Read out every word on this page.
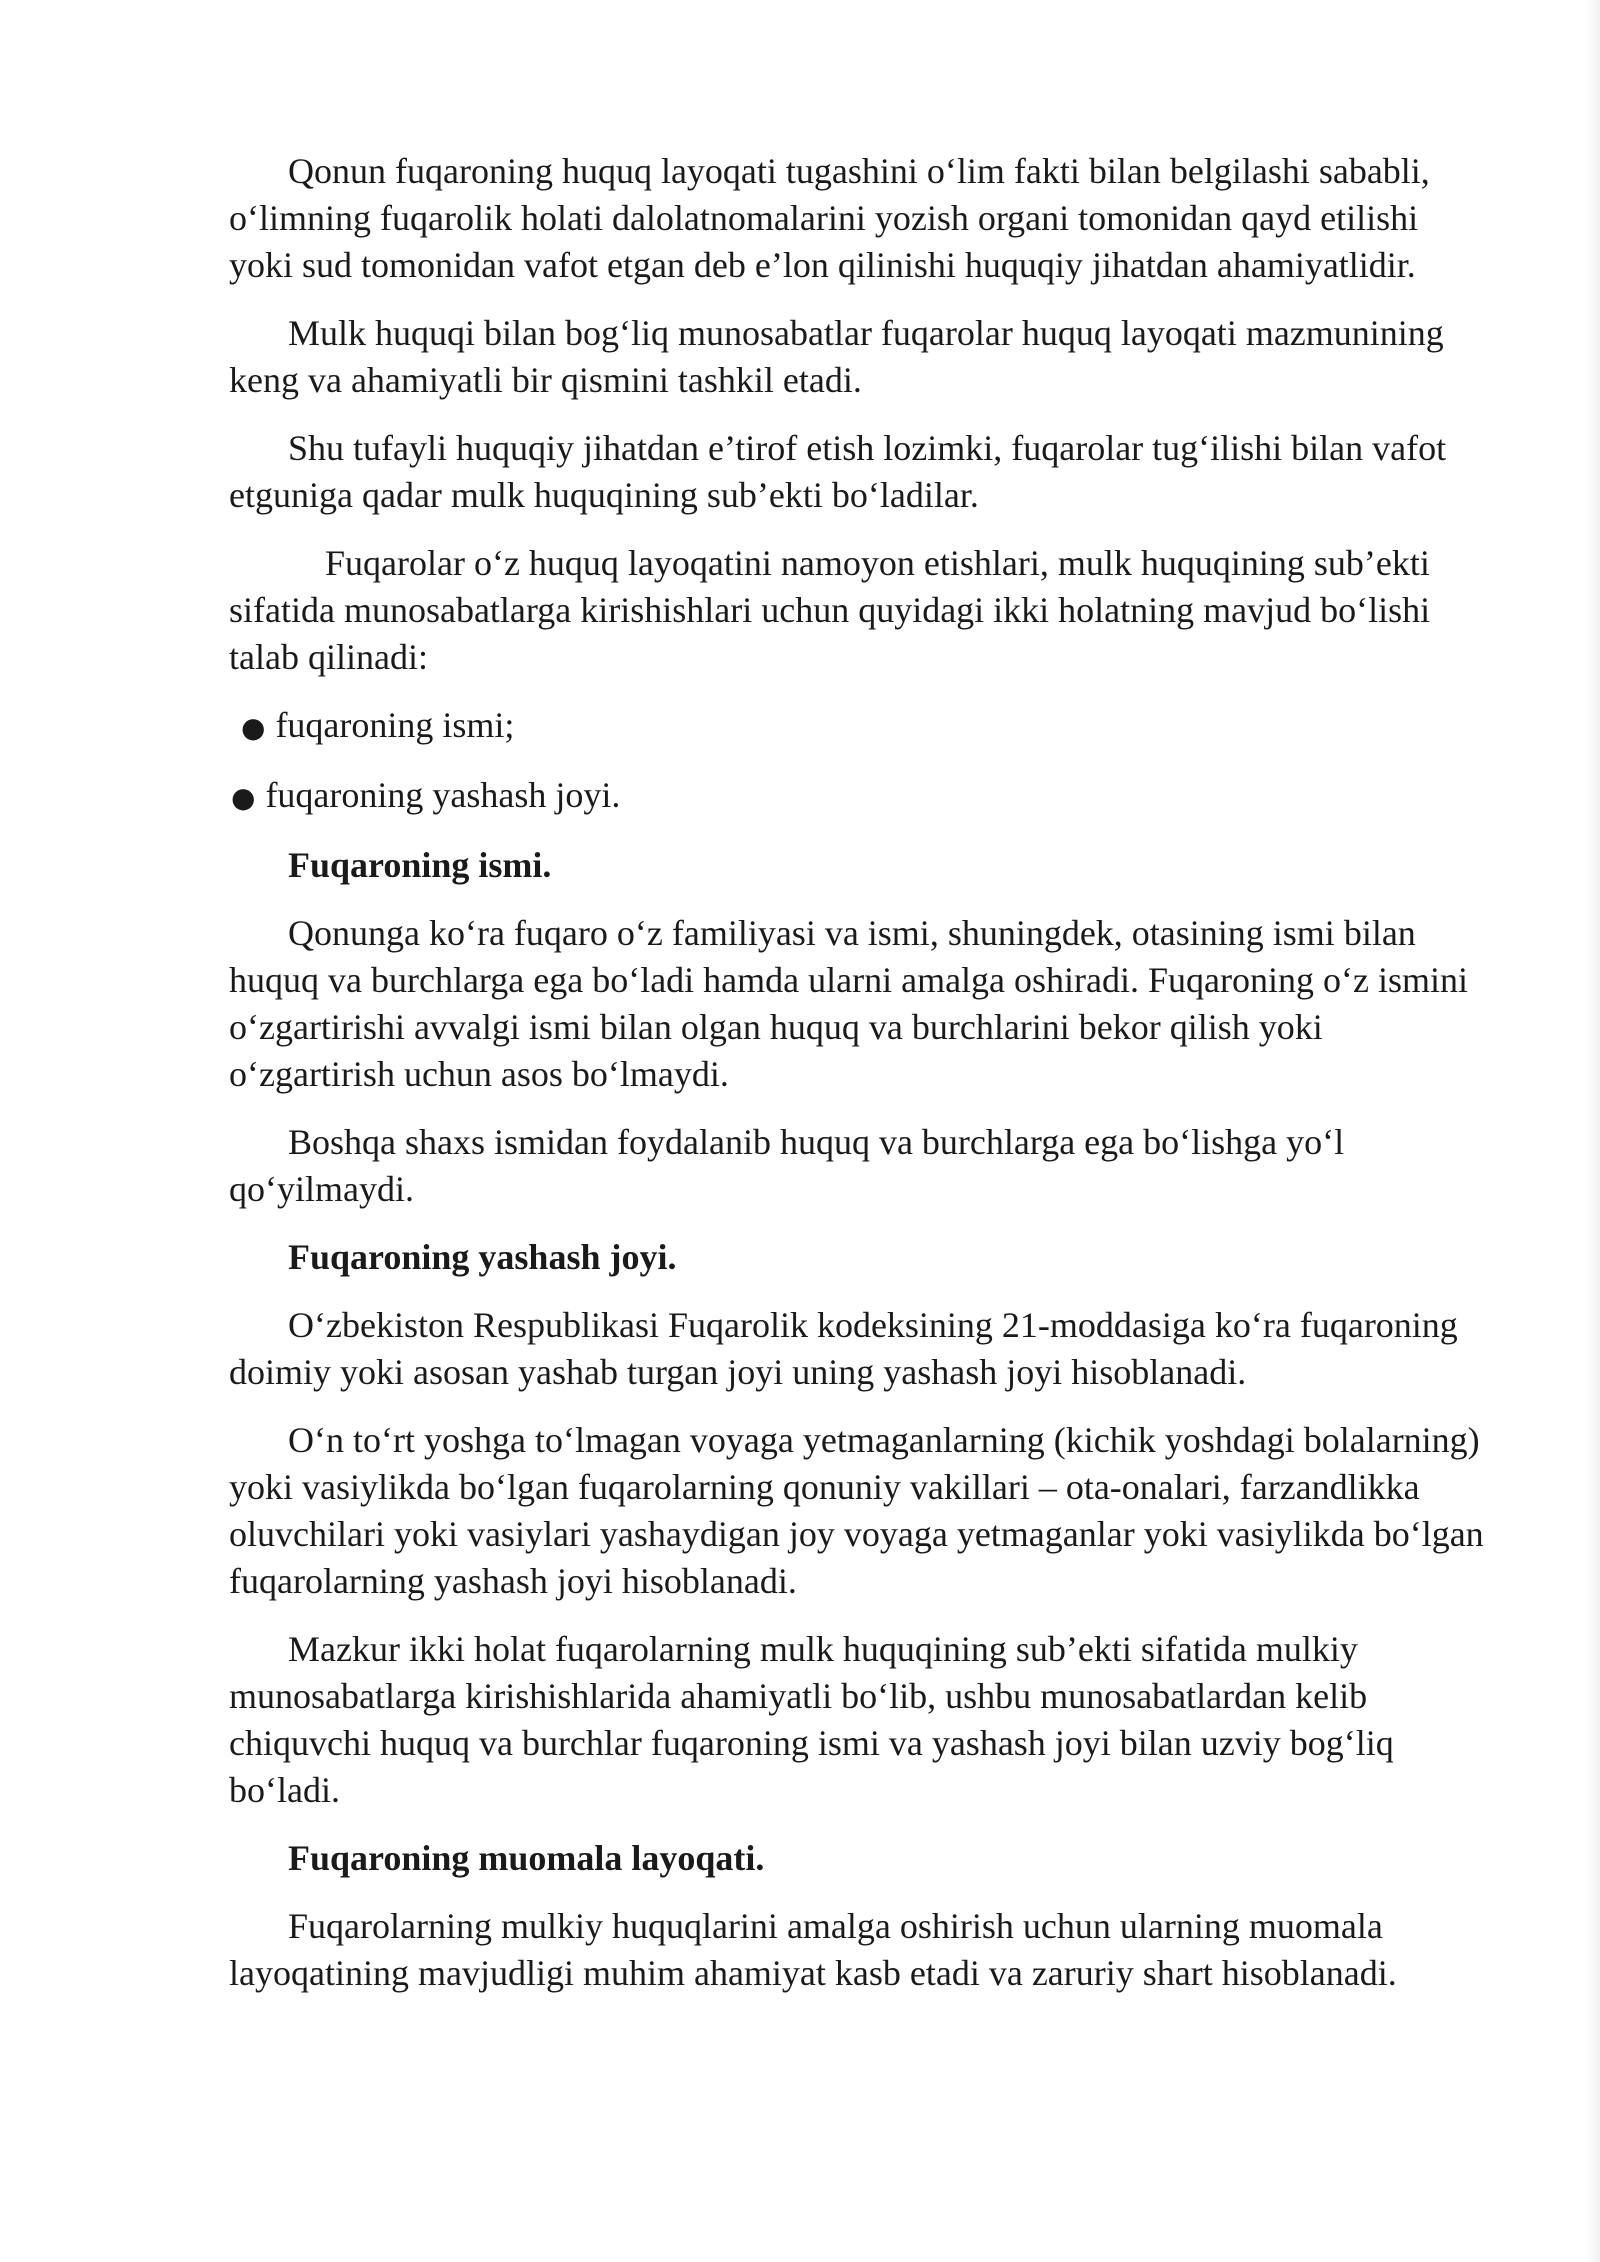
Qonun fuqaroning huquq layoqati tugashini o‘lim fakti bilan belgilashi sababli, o‘limning fuqarolik holati dalolatnomalarini yozish organi tomonidan qayd etilishi yoki sud tomonidan vafot etgan deb e’lon qilinishi huquqiy jihatdan ahamiyatlidir.

Mulk huquqi bilan bog‘liq munosabatlar fuqarolar huquq layoqati mazmunining keng va ahamiyatli bir qismini tashkil etadi.

Shu tufayli huquqiy jihatdan e’tirof etish lozimki, fuqarolar tug‘ilishi bilan vafot etguniga qadar mulk huquqining sub’ekti bo‘ladilar.

Fuqarolar o‘z huquq layoqatini namoyon etishlari, mulk huquqining sub’ekti sifatida munosabatlarga kirishishlari uchun quyidagi ikki holatning mavjud bo‘lishi talab qilinadi:

● fuqaroning ismi;
● fuqaroning yashash joyi.

Fuqaroning ismi.

Qonunga ko‘ra fuqaro o‘z familiyasi va ismi, shuningdek, otasining ismi bilan huquq va burchlarga ega bo‘ladi hamda ularni amalga oshiradi. Fuqaroning o‘z ismini o‘zgartirishi avvalgi ismi bilan olgan huquq va burchlarini bekor qilish yoki o‘zgartirish uchun asos bo‘lmaydi.

Boshqa shaxs ismidan foydalanib huquq va burchlarga ega bo‘lishga yo‘l qo‘yilmaydi.

Fuqaroning yashash joyi.

O‘zbekiston Respublikasi Fuqarolik kodeksining 21-moddasiga ko‘ra fuqaroning doimiy yoki asosan yashab turgan joyi uning yashash joyi hisoblanadi.

O‘n to‘rt yoshga to‘lmagan voyaga yetmaganlarning (kichik yoshdagi bolalarning) yoki vasiylikda bo‘lgan fuqarolarning qonuniy vakillari – ota-onalari, farzandlikka oluvchilari yoki vasiylari yashaydigan joy voyaga yetmaganlar yoki vasiylikda bo‘lgan fuqarolarning yashash joyi hisoblanadi.

Mazkur ikki holat fuqarolarning mulk huquqining sub’ekti sifatida mulkiy munosabatlarga kirishishlarida ahamiyatli bo‘lib, ushbu munosabatlardan kelib chiquvchi huquq va burchlar fuqaroning ismi va yashash joyi bilan uzviy bog‘liq bo‘ladi.

Fuqaroning muomala layoqati.

Fuqarolarning mulkiy huquqlarini amalga oshirish uchun ularning muomala layoqatining mavjudligi muhim ahamiyat kasb etadi va zaruriy shart hisoblanadi.
